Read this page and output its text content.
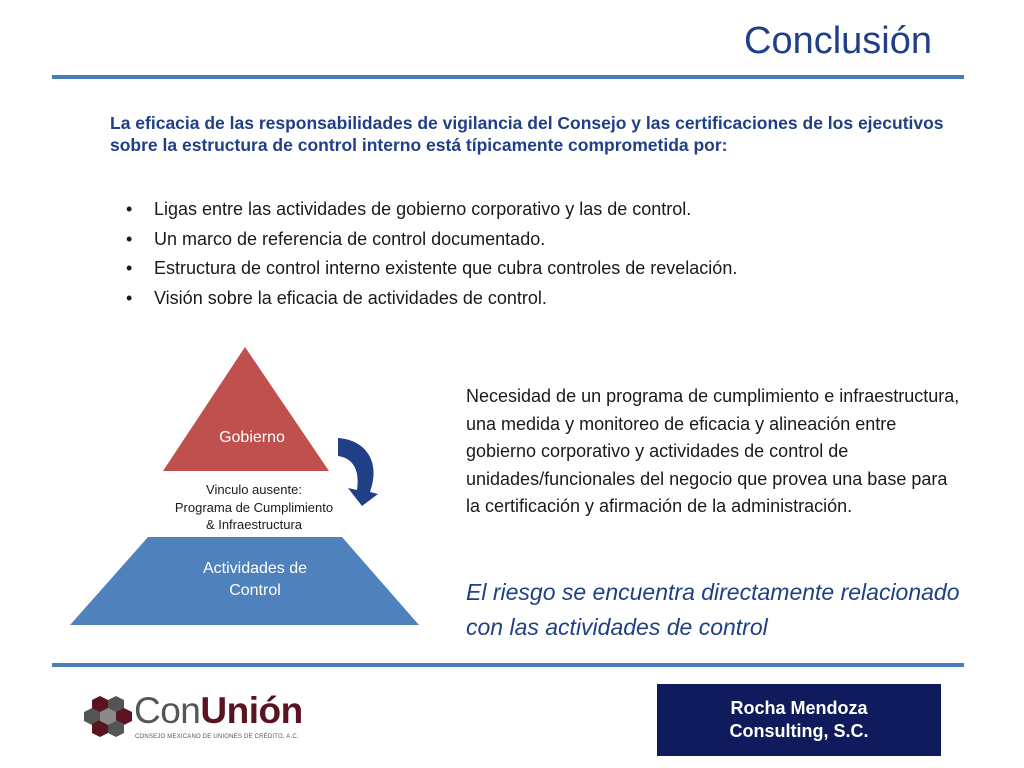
Conclusión
La eficacia de las responsabilidades de vigilancia del Consejo y las certificaciones de los ejecutivos sobre la estructura de control interno está típicamente comprometida por:
• Ligas entre las actividades de gobierno corporativo y las de control.
• Un marco de referencia de control documentado.
• Estructura de control interno existente que cubra controles de revelación.
• Visión sobre la eficacia de actividades de control.
Gobierno
Vinculo ausente:
Programa de Cumplimiento
& Infraestructura
Actividades de
Control
Necesidad de un programa de cumplimiento e infraestructura, una medida y monitoreo de eficacia y alineación entre gobierno corporativo y actividades de control de unidades/funcionales del negocio que provea una base para la certificación y afirmación de la administración.
El riesgo se encuentra directamente relacionado con las actividades de control
ConUnión
CONSEJO MEXICANO DE UNIONES DE CRÉDITO, A.C.
Rocha Mendoza
Consulting, S.C.
